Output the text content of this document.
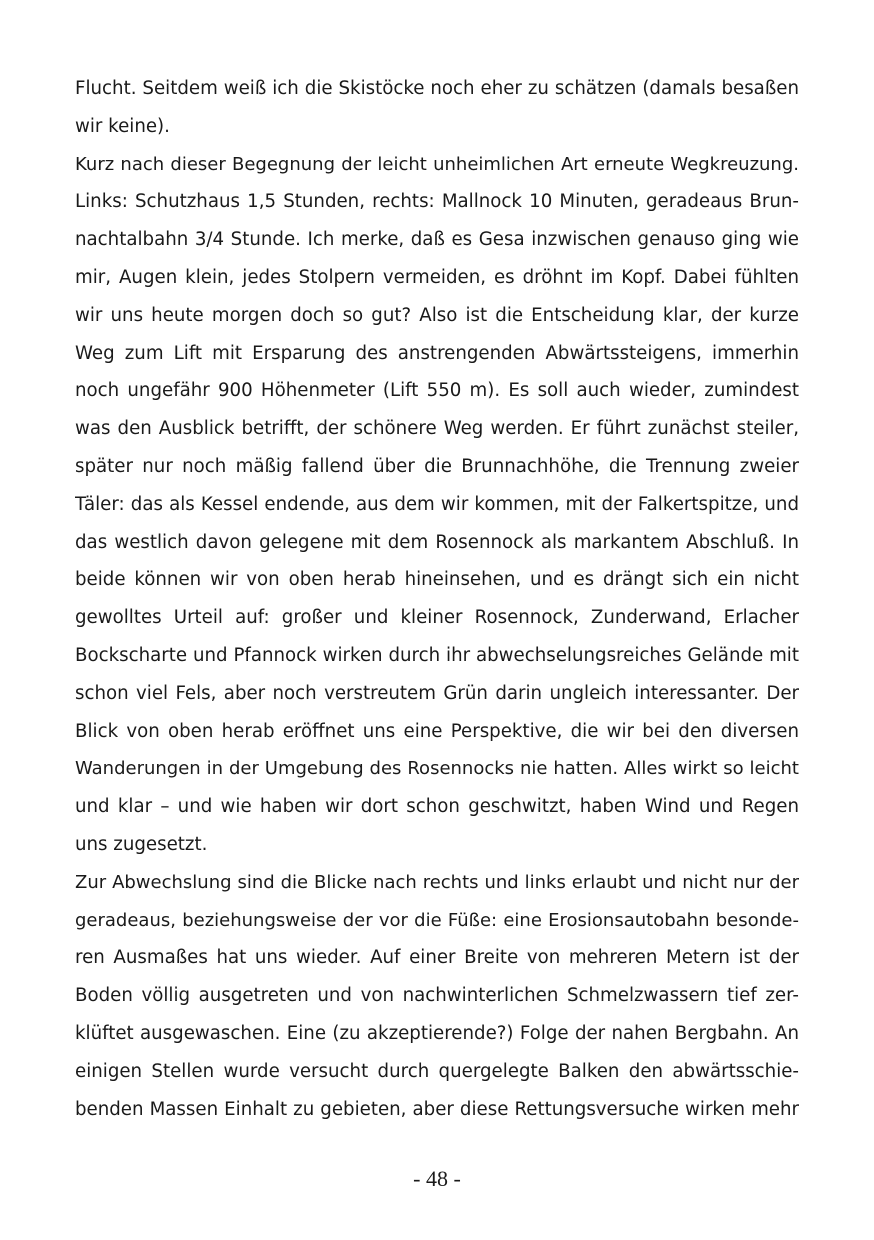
Flucht. Seitdem weiß ich die Skistöcke noch eher zu schätzen (damals besaßen
wir keine).
Kurz nach dieser Begegnung der leicht unheimlichen Art erneute Wegkreuzung.
Links: Schutzhaus 1,5 Stunden, rechts: Mallnock 10 Minuten, geradeaus Brun-
nachtalbahn 3/4 Stunde. Ich merke, daß es Gesa inzwischen genauso ging wie
mir, Augen klein, jedes Stolpern vermeiden, es dröhnt im Kopf. Dabei fühlten
wir uns heute morgen doch so gut? Also ist die Entscheidung klar, der kurze
Weg zum Lift mit Ersparung des anstrengenden Abwärtssteigens, immerhin
noch ungefähr 900 Höhenmeter (Lift 550 m). Es soll auch wieder, zumindest
was den Ausblick betrifft, der schönere Weg werden. Er führt zunächst steiler,
später nur noch mäßig fallend über die Brunnachhöhe, die Trennung zweier
Täler: das als Kessel endende, aus dem wir kommen, mit der Falkertspitze, und
das westlich davon gelegene mit dem Rosennock als markantem Abschluß. In
beide können wir von oben herab hineinsehen, und es drängt sich ein nicht
gewolltes Urteil auf: großer und kleiner Rosennock, Zunderwand, Erlacher
Bockscharte und Pfannock wirken durch ihr abwechselungsreiches Gelände mit
schon viel Fels, aber noch verstreutem Grün darin ungleich interessanter. Der
Blick von oben herab eröffnet uns eine Perspektive, die wir bei den diversen
Wanderungen in der Umgebung des Rosennocks nie hatten. Alles wirkt so leicht
und klar – und wie haben wir dort schon geschwitzt, haben Wind und Regen
uns zugesetzt.
Zur Abwechslung sind die Blicke nach rechts und links erlaubt und nicht nur der
geradeaus, beziehungsweise der vor die Füße: eine Erosionsautobahn besonde-
ren Ausmaßes hat uns wieder. Auf einer Breite von mehreren Metern ist der
Boden völlig ausgetreten und von nachwinterlichen Schmelzwassern tief zer-
klüftet ausgewaschen. Eine (zu akzeptierende?) Folge der nahen Bergbahn. An
einigen Stellen wurde versucht durch quergelegte Balken den abwärtsschie-
benden Massen Einhalt zu gebieten, aber diese Rettungsversuche wirken mehr
- 48 -
